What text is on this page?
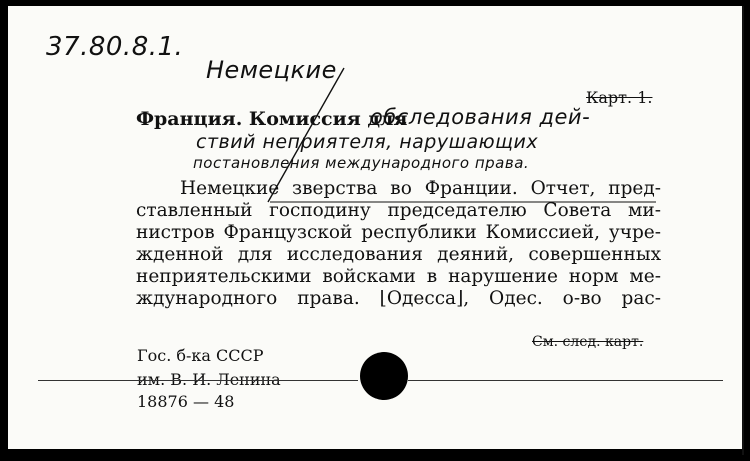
37.80.8.1.
Немецкие
Карт. 1.
Франция. Комиссия для
обследования дей-
ствий неприятеля, нарушающих
постановления международного права.
Немецкие зверства во Франции. Отчет, пред-
ставленный господину председателю Совета ми-
нистров Французской республики Комиссией, учре-
жденной для исследования деяний, совершенных
неприятельскими войсками в нарушение норм ме-
ждународного права. ⌊Одесса⌋, Одес. о-во рас-
См. след. карт.
Гос. б-ка СССР
им. В. И. Ленина
18876 — 48
